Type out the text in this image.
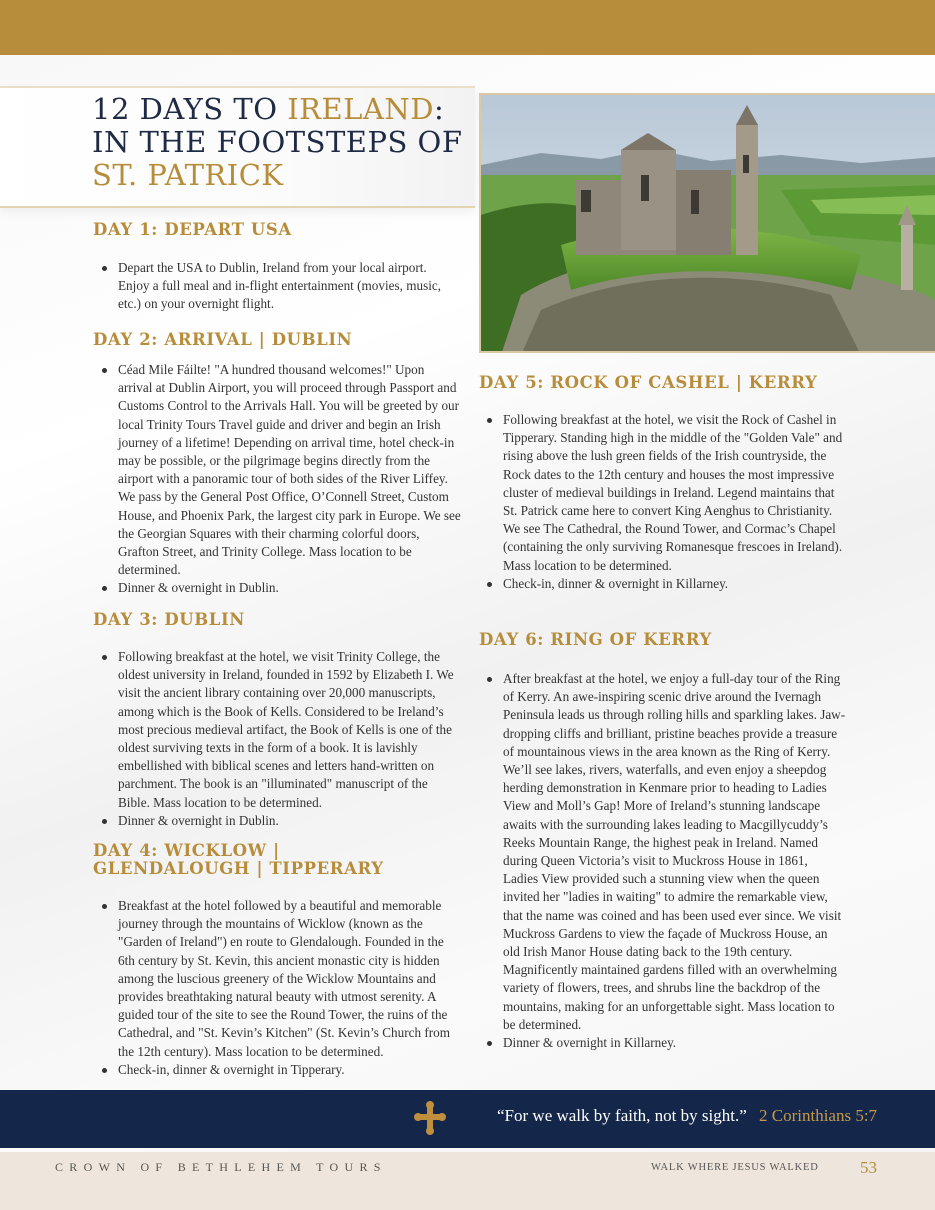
12 DAYS TO IRELAND:
IN THE FOOTSTEPS OF
ST. PATRICK
DAY 1: DEPART USA
Depart the USA to Dublin, Ireland from your local airport. Enjoy a full meal and in-flight entertainment (movies, music, etc.) on your overnight flight.
DAY 2: ARRIVAL | DUBLIN
Céad Mile Fáilte! "A hundred thousand welcomes!" Upon arrival at Dublin Airport, you will proceed through Passport and Customs Control to the Arrivals Hall. You will be greeted by our local Trinity Tours Travel guide and driver and begin an Irish journey of a lifetime! Depending on arrival time, hotel check-in may be possible, or the pilgrimage begins directly from the airport with a panoramic tour of both sides of the River Liffey. We pass by the General Post Office, O’Connell Street, Custom House, and Phoenix Park, the largest city park in Europe. We see the Georgian Squares with their charming colorful doors, Grafton Street, and Trinity College. Mass location to be determined.
Dinner & overnight in Dublin.
DAY 3: DUBLIN
Following breakfast at the hotel, we visit Trinity College, the oldest university in Ireland, founded in 1592 by Elizabeth I. We visit the ancient library containing over 20,000 manuscripts, among which is the Book of Kells. Considered to be Ireland’s most precious medieval artifact, the Book of Kells is one of the oldest surviving texts in the form of a book. It is lavishly embellished with biblical scenes and letters hand-written on parchment. The book is an "illuminated" manuscript of the Bible. Mass location to be determined.
Dinner & overnight in Dublin.
DAY 4: WICKLOW | GLENDALOUGH | TIPPERARY
Breakfast at the hotel followed by a beautiful and memorable journey through the mountains of Wicklow (known as the "Garden of Ireland") en route to Glendalough. Founded in the 6th century by St. Kevin, this ancient monastic city is hidden among the luscious greenery of the Wicklow Mountains and provides breathtaking natural beauty with utmost serenity. A guided tour of the site to see the Round Tower, the ruins of the Cathedral, and "St. Kevin’s Kitchen" (St. Kevin’s Church from the 12th century). Mass location to be determined.
Check-in, dinner & overnight in Tipperary.
DAY 5: ROCK OF CASHEL | KERRY
Following breakfast at the hotel, we visit the Rock of Cashel in Tipperary. Standing high in the middle of the "Golden Vale" and rising above the lush green fields of the Irish countryside, the Rock dates to the 12th century and houses the most impressive cluster of medieval buildings in Ireland. Legend maintains that St. Patrick came here to convert King Aenghus to Christianity. We see The Cathedral, the Round Tower, and Cormac’s Chapel (containing the only surviving Romanesque frescoes in Ireland). Mass location to be determined.
Check-in, dinner & overnight in Killarney.
DAY 6: RING OF KERRY
After breakfast at the hotel, we enjoy a full-day tour of the Ring of Kerry. An awe-inspiring scenic drive around the Ivernagh Peninsula leads us through rolling hills and sparkling lakes. Jaw-dropping cliffs and brilliant, pristine beaches provide a treasure of mountainous views in the area known as the Ring of Kerry. We’ll see lakes, rivers, waterfalls, and even enjoy a sheepdog herding demonstration in Kenmare prior to heading to Ladies View and Moll’s Gap! More of Ireland’s stunning landscape awaits with the surrounding lakes leading to Macgillycuddy’s Reeks Mountain Range, the highest peak in Ireland. Named during Queen Victoria’s visit to Muckross House in 1861, Ladies View provided such a stunning view when the queen invited her "ladies in waiting" to admire the remarkable view, that the name was coined and has been used ever since. We visit Muckross Gardens to view the façade of Muckross House, an old Irish Manor House dating back to the 19th century. Magnificently maintained gardens filled with an overwhelming variety of flowers, trees, and shrubs line the backdrop of the mountains, making for an unforgettable sight. Mass location to be determined.
Dinner & overnight in Killarney.
“For we walk by faith, not by sight.” 2 Corinthians 5:7
CROWN OF BETHLEHEM TOURS	WALK WHERE JESUS WALKED 53
